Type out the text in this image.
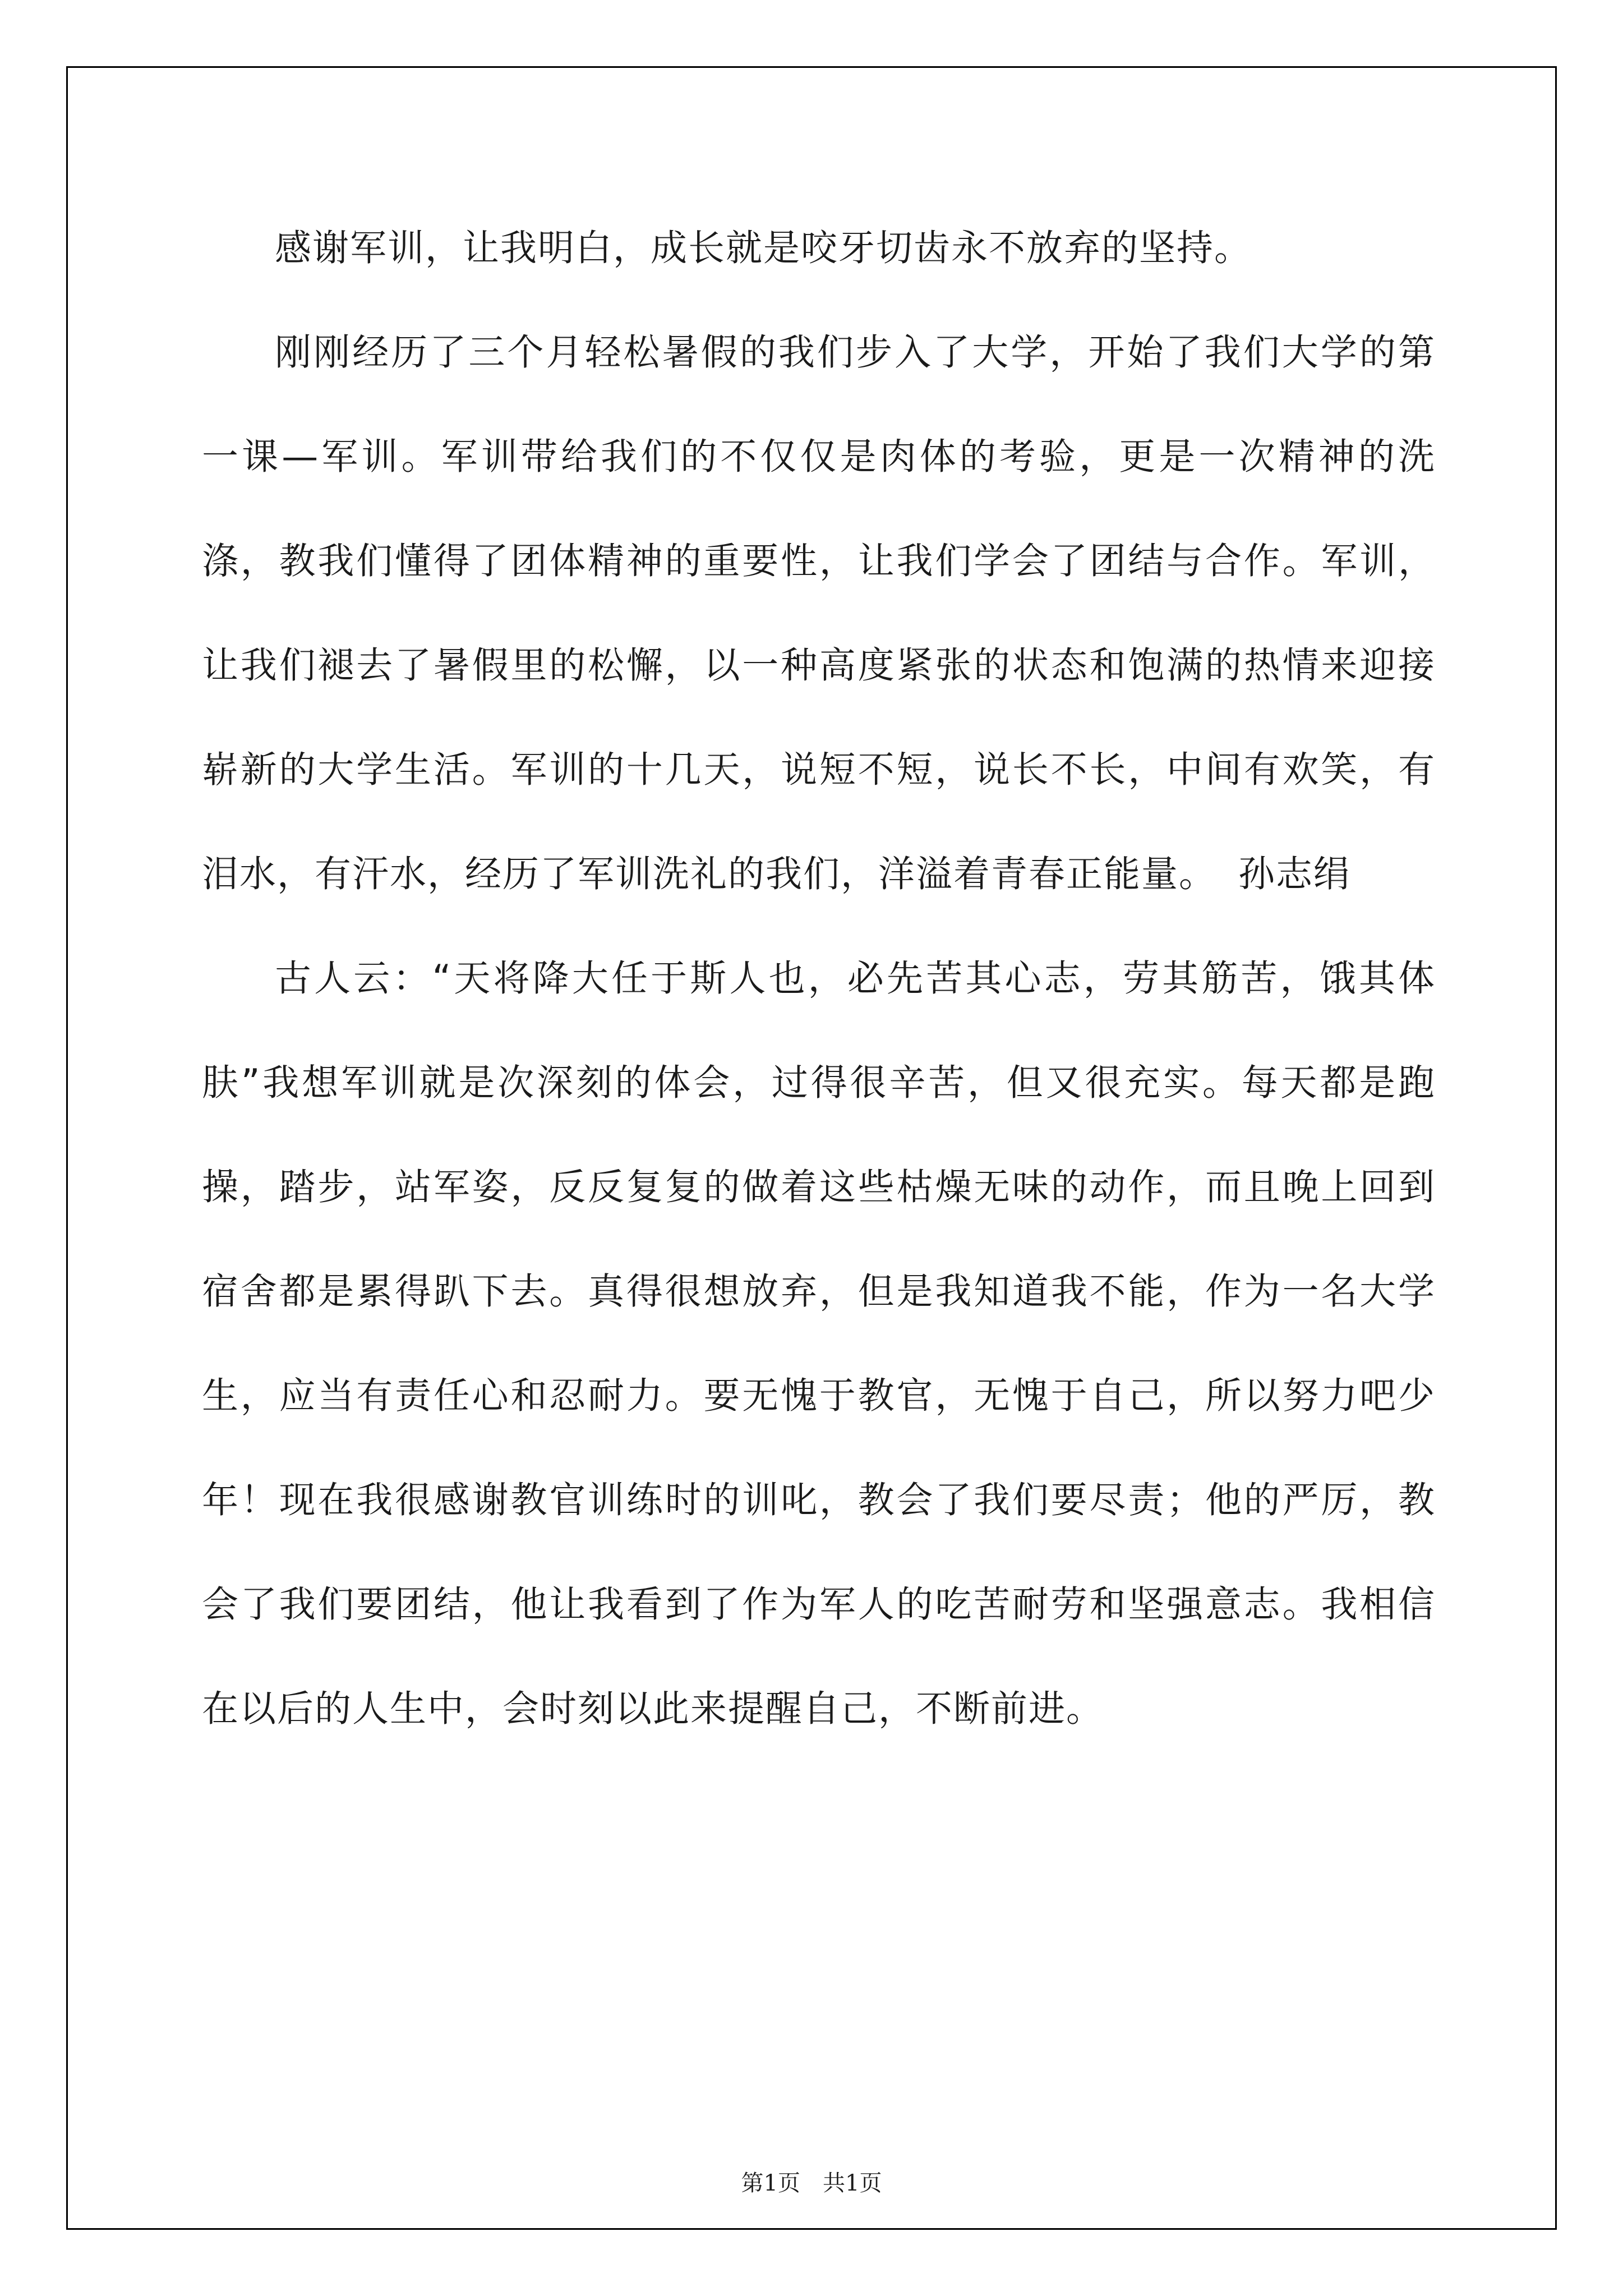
感谢军训，让我明白，成长就是咬牙切齿永不放弃的坚持。

刚刚经历了三个月轻松暑假的我们步入了大学，开始了我们大学的第一课—军训。军训带给我们的不仅仅是肉体的考验，更是一次精神的洗涤，教我们懂得了团体精神的重要性，让我们学会了团结与合作。军训，让我们褪去了暑假里的松懈，以一种高度紧张的状态和饱满的热情来迎接崭新的大学生活。军训的十几天，说短不短，说长不长，中间有欢笑，有泪水，有汗水，经历了军训洗礼的我们，洋溢着青春正能量。 孙志绢

古人云：“天将降大任于斯人也，必先苦其心志，劳其筋苦，饿其体肤”我想军训就是次深刻的体会，过得很辛苦，但又很充实。每天都是跑操，踏步，站军姿，反反复复的做着这些枯燥无味的动作，而且晚上回到宿舍都是累得趴下去。真得很想放弃，但是我知道我不能，作为一名大学生，应当有责任心和忍耐力。要无愧于教官，无愧于自己，所以努力吧少年！现在我很感谢教官训练时的训叱，教会了我们要尽责；他的严厉，教会了我们要团结，他让我看到了作为军人的吃苦耐劳和坚强意志。我相信在以后的人生中，会时刻以此来提醒自己，不断前进。

第1页 共1页
